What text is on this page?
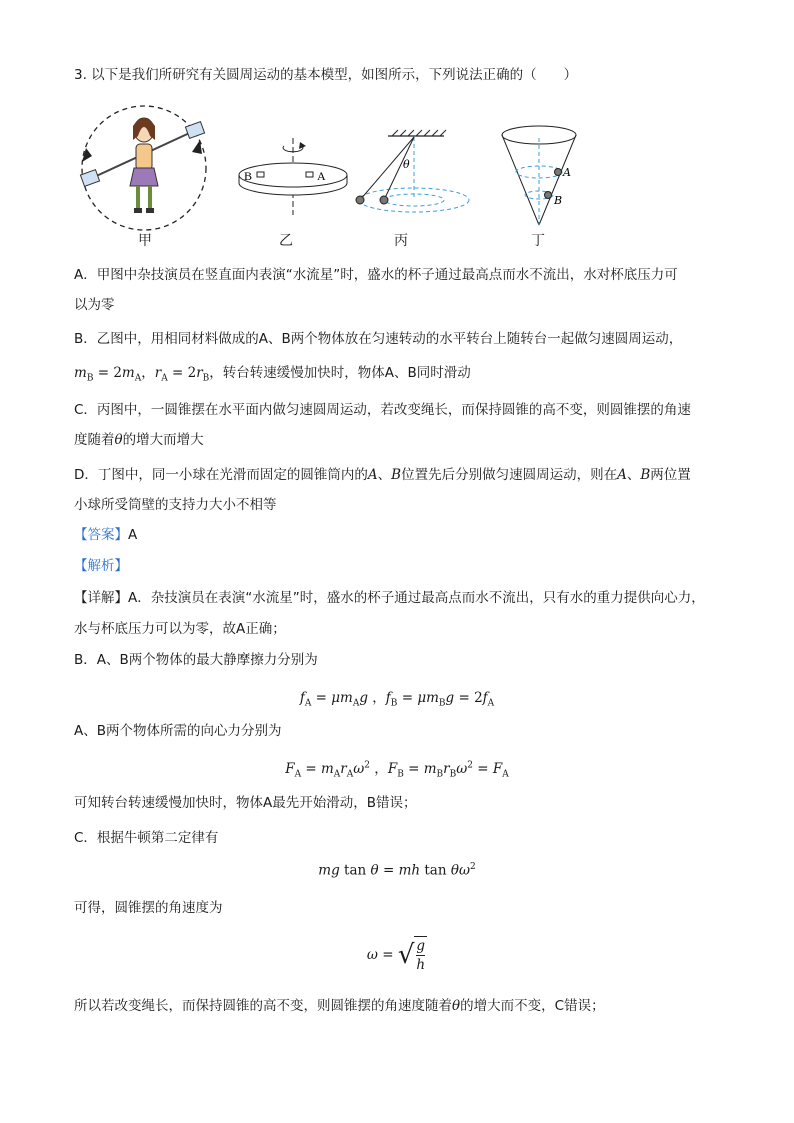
3. 以下是我们所研究有关圆周运动的基本模型，如图所示，下列说法正确的（　　）
B	A
θ
A
B
甲	乙	丙	丁
A．甲图中杂技演员在竖直面内表演“水流星”时，盛水的杯子通过最高点而水不流出，水对杯底压力可
以为零
B．乙图中，用相同材料做成的A、B两个物体放在匀速转动的水平转台上随转台一起做匀速圆周运动，
$m_B = 2m_A$，$r_A = 2r_B$，转台转速缓慢加快时，物体A、B同时滑动
C．丙图中，一圆锥摆在水平面内做匀速圆周运动，若改变绳长，而保持圆锥的高不变，则圆锥摆的角速
度随着θ的增大而增大
D．丁图中，同一小球在光滑而固定的圆锥筒内的A、B位置先后分别做匀速圆周运动，则在A、B两位置
小球所受筒壁的支持力大小不相等
【答案】A
【解析】
【详解】A．杂技演员在表演“水流星”时，盛水的杯子通过最高点而水不流出，只有水的重力提供向心力，
水与杯底压力可以为零，故A正确；
B．A、B两个物体的最大静摩擦力分别为
$f_A = \mu m_Ag$ ，$f_B = \mu m_Bg = 2f_A$
A、B两个物体所需的向心力分别为
$F_A = m_Ar_A\omega^2$ ，$F_B = m_Br_B\omega^2 = F_A$
可知转台转速缓慢加快时，物体A最先开始滑动，B错误；
C．根据牛顿第二定律有
mg tan θ = mh $\tan \theta\omega^2$
可得，圆锥摆的角速度为
ω = √ $\frac{g}{h}$
所以若改变绳长，而保持圆锥的高不变，则圆锥摆的角速度随着θ的增大而不变，C错误；
